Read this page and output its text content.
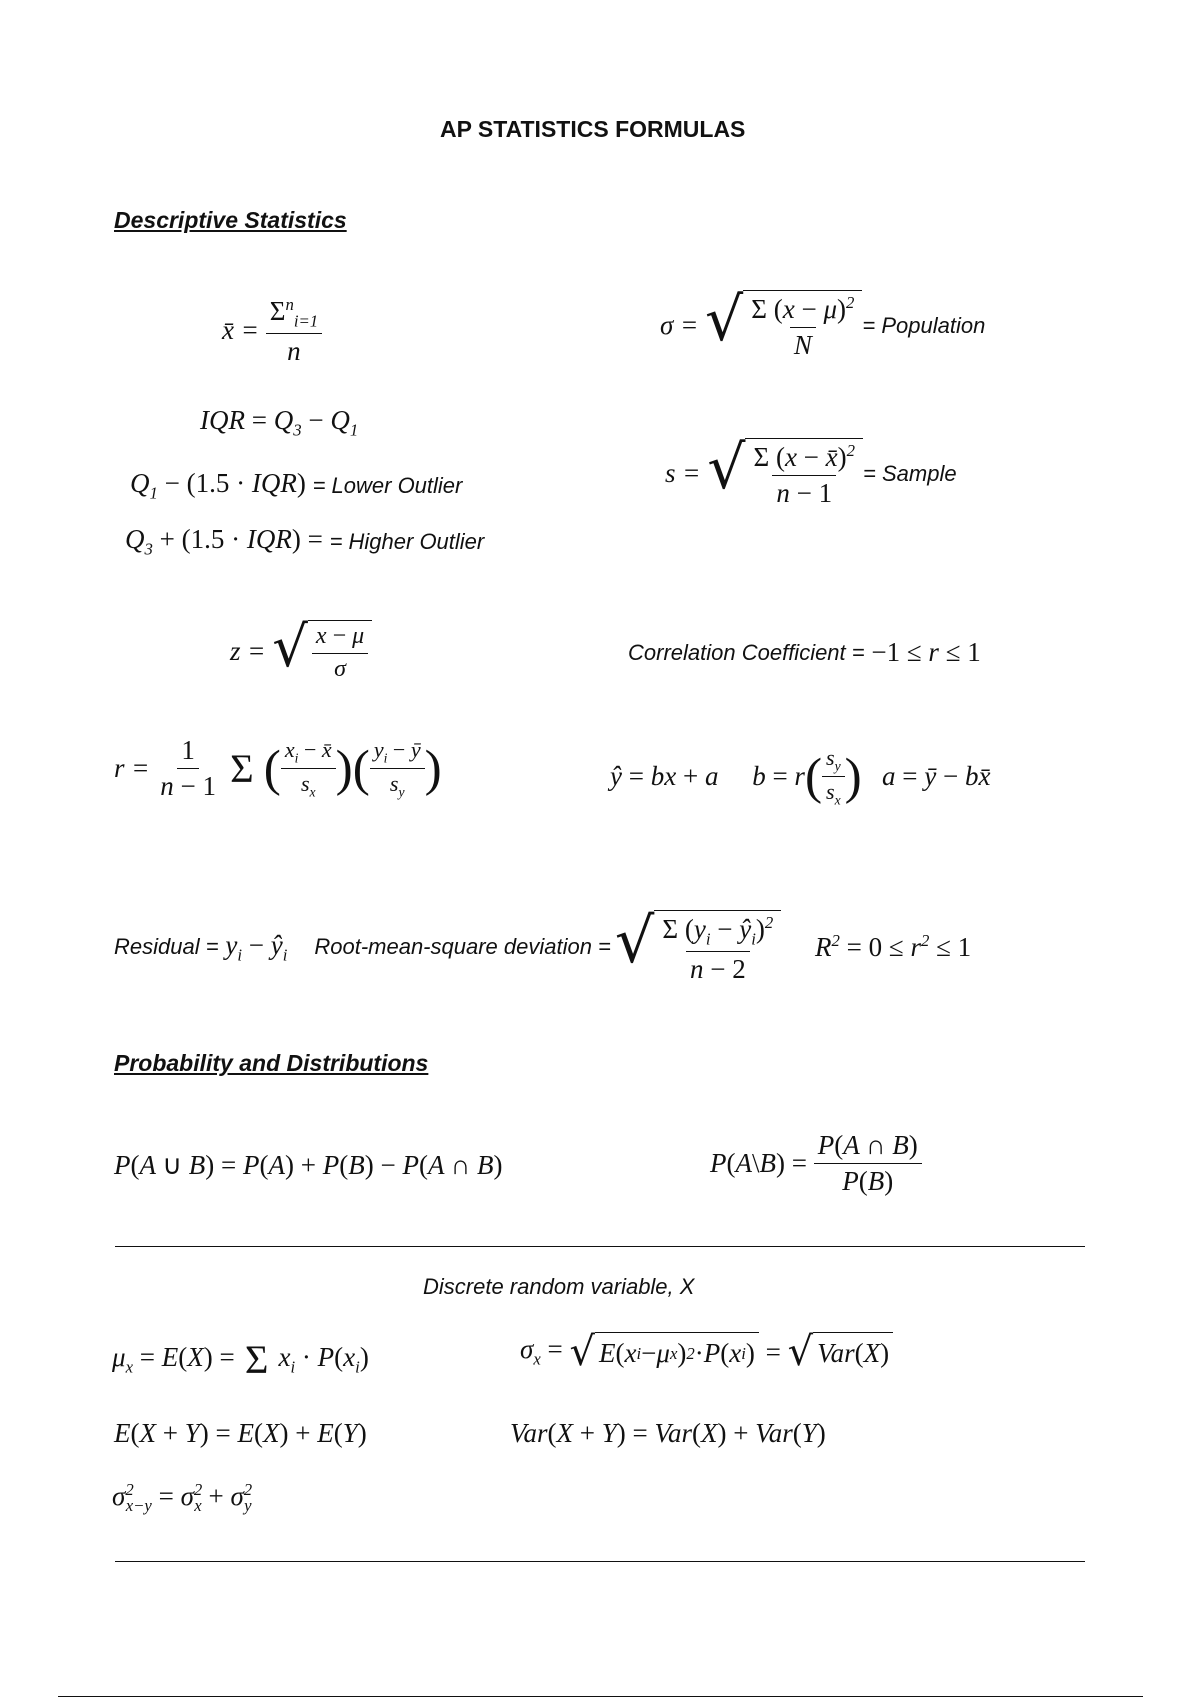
AP STATISTICS FORMULAS
Descriptive Statistics
x̄ = $\frac{\Sigma^n_{i=1}}{n}$	σ = √ $\frac{\Sigma (x - \mu)^2}{N}$ = Population
IQR = $Q_3 - Q_1$
$Q_1 - (1.5 \cdot IQR)$ = Lower Outlier	s = √ $\frac{\Sigma (x - x̄)^2}{n - 1}$ = Sample
$Q_3 + (1.5 \cdot IQR)$ = = Higher Outlier
z = √ $\frac{x - \mu}{\sigma}$	Correlation Coefficient = −1 ≤ r ≤ 1
$r = \frac{1}{n - 1}$ Σ ( $\frac{x_i - x̄}{s_x}$ ) ( $\frac{y_i - ȳ}{s_y}$ )	ŷ = bx + a     b = r ( $\frac{s_y}{s_x}$ ) a = ȳ − bx̄
Residual = $y_i$ − $ŷ_i$	Root-mean-square deviation = √ $\frac{\Sigma (y_i - ŷ_i)^2}{n - 2} R^2 = 0 \le r^2 \le 1$
Probability and Distributions
P(A ∪ B) = P(A) + P(B) − P(A ∩ B)	P(A\B) = $\frac{P(A \cap B)}{P(B)}$
Discrete random variable, X
$\mu_x = E(X) = \Sigma$ $x_i \cdot P(x_i)$	$\sigma_x$ = √ E ( x i − μ x ) 2 · P ( x i ) = √ Var ( X )
E(X + Y) = E(X) + E(Y)	Var(X + Y) = Var(X) + Var(Y)
$\sigma^2_{x-y} = \sigma^2_x + \sigma^2_y$
